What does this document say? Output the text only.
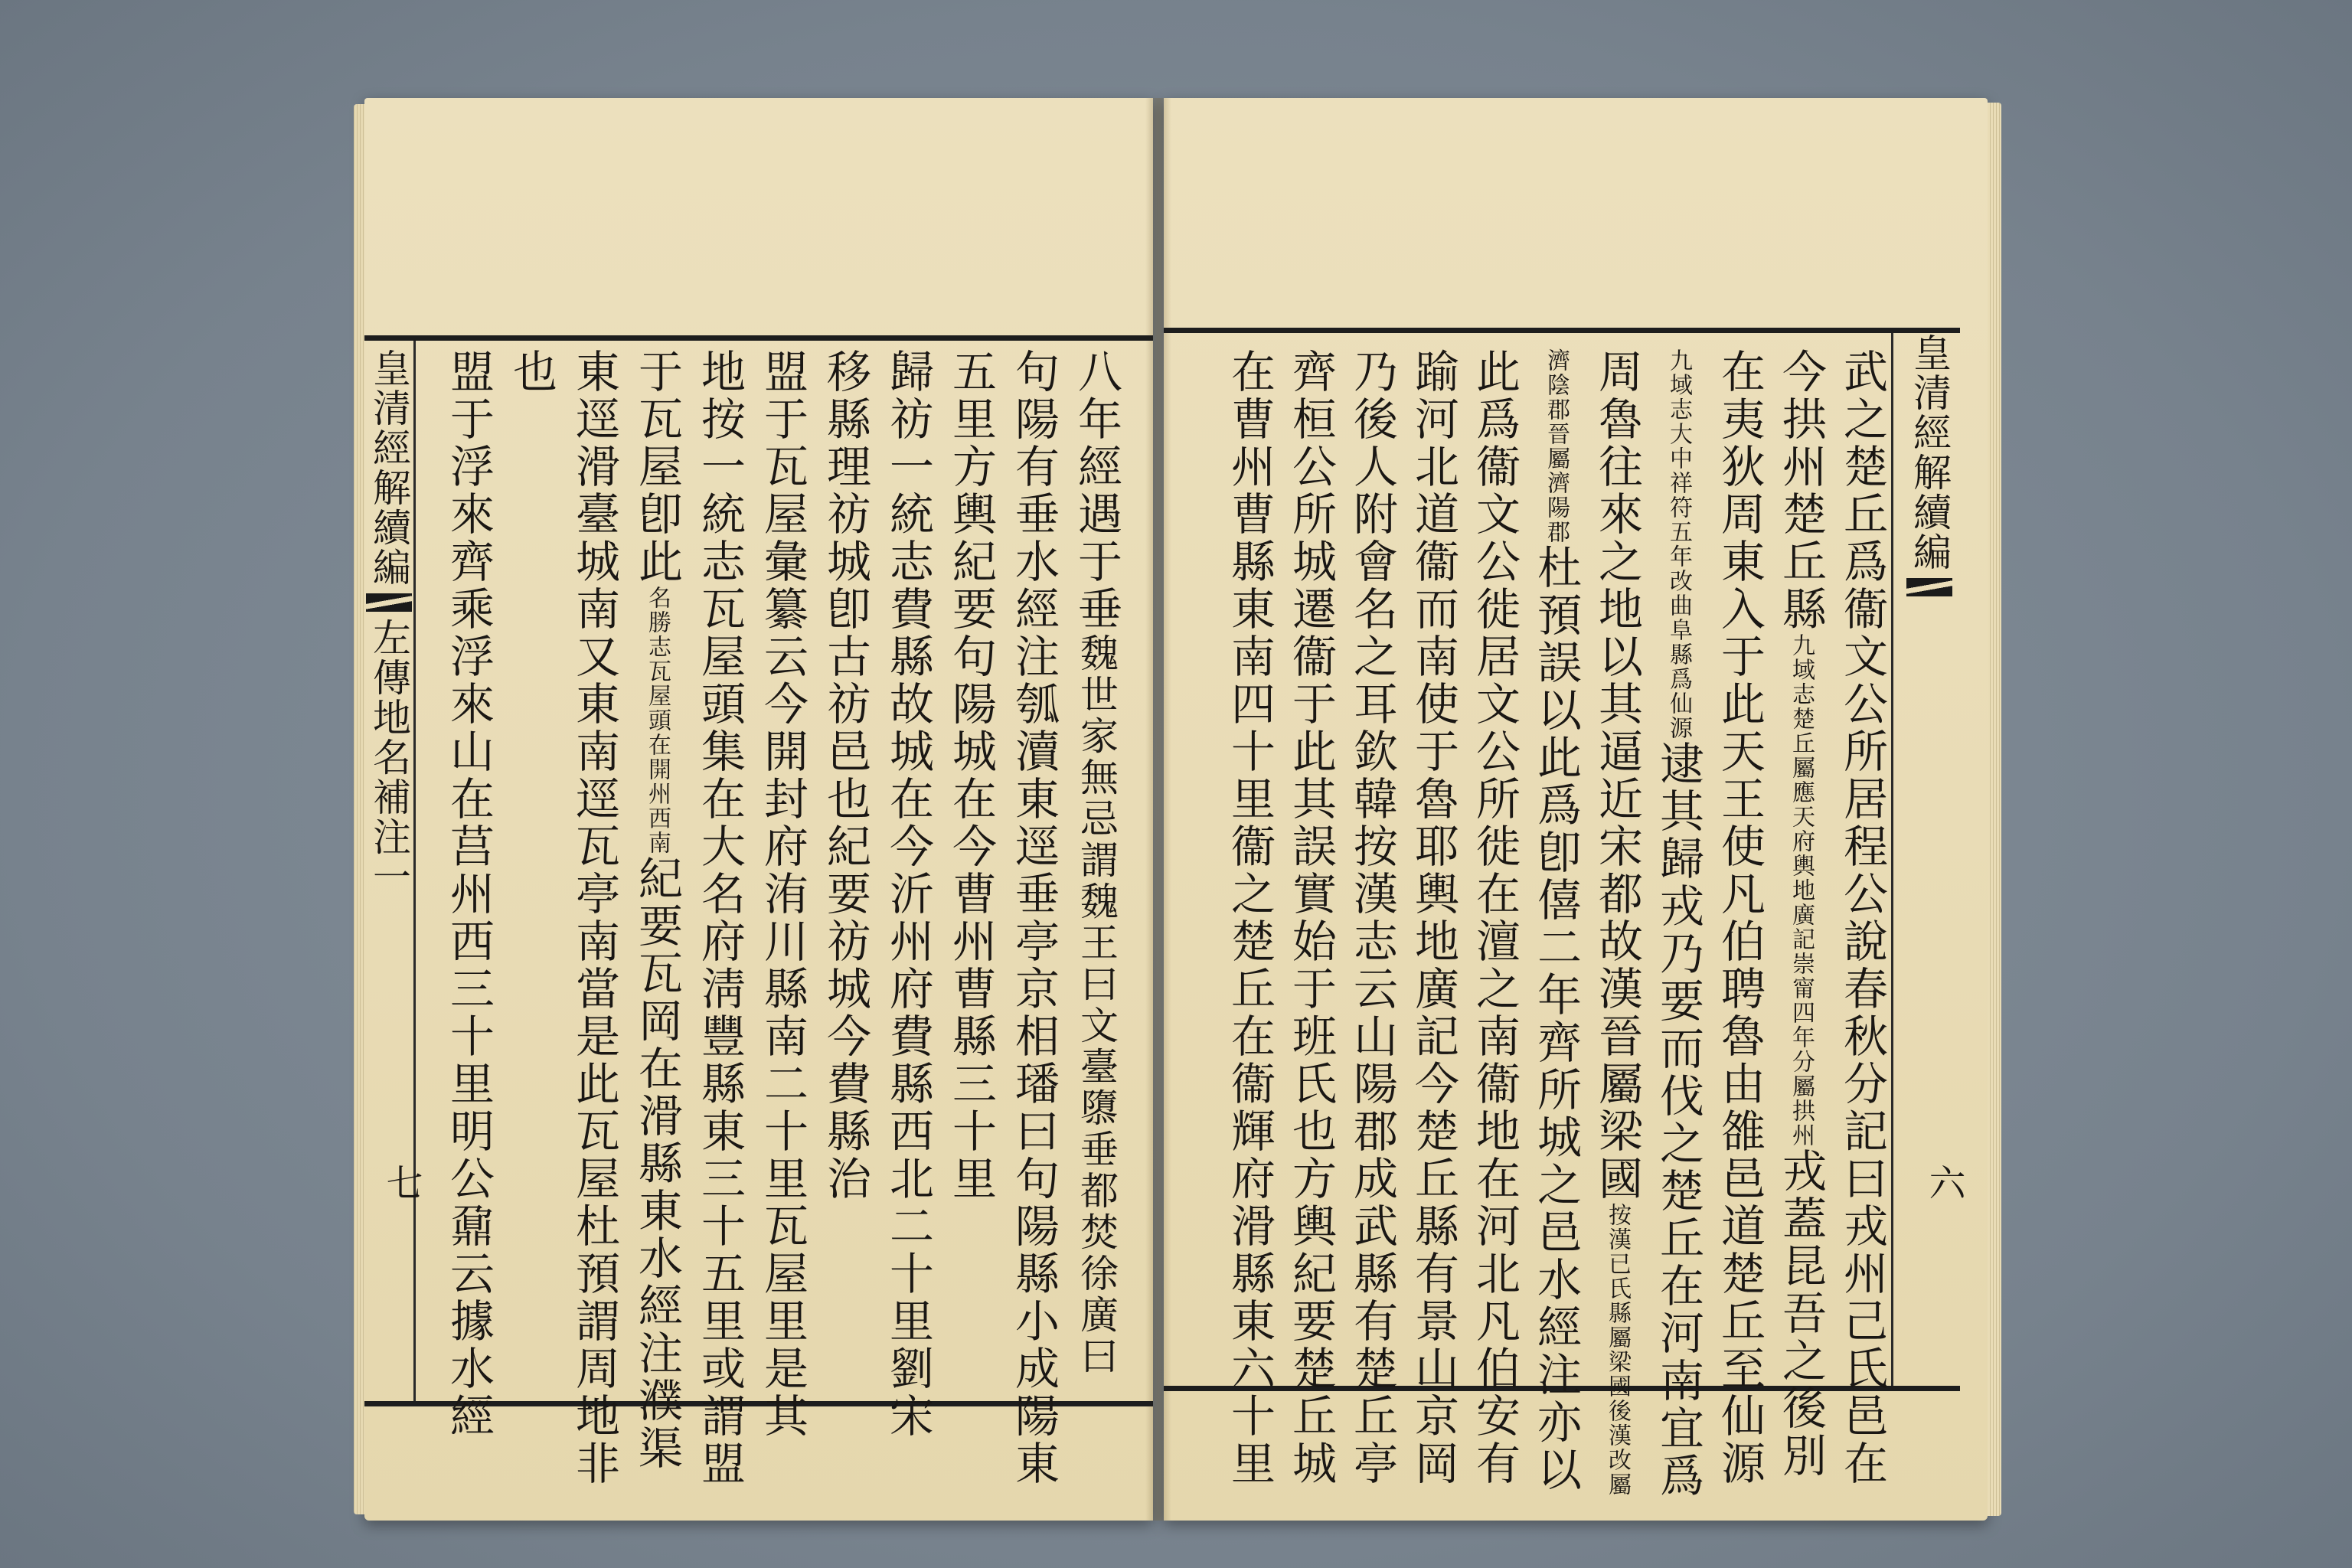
皇清經解續編
左傳地名補注一
七
皇清經解續編
六
八年經遇于垂
魏世家無忌謂魏王曰文臺隳垂都焚徐廣曰
句陽有垂水經注瓠瀆東逕垂亭京相璠曰句陽縣小成陽東
五里方輿紀要句陽城在今曹州曹縣三十里
歸祊一統志費縣故城在今沂州府費縣西北二十里劉宋
移縣理祊城卽古祊邑也紀要祊城今費縣治
盟于瓦屋彙纂云今開封府洧川縣南二十里瓦屋里是其
地按一統志瓦屋頭集在大名府淸豐縣東三十五里或謂盟
于瓦屋卽此
名勝志瓦屋頭在開州西南
紀要瓦岡在滑縣東水經注濮渠
東逕滑臺城南又東南逕瓦亭南當是此瓦屋杜預謂周地非
也
盟于浮來齊乘浮來山在莒州西三十里明公鼐云據水經	武之楚丘爲衞文公所居程公說春秋分記曰戎州己氏邑在
今拱州楚丘縣
九域志楚丘屬應天府輿地廣記崇甯四年分屬拱州
戎蓋昆吾之後別
在夷狄周東入于此天王使凡伯聘魯由雒邑道楚丘至仙源
九域志大中祥符五年改曲阜縣爲仙源
逮其歸戎乃要而伐之楚丘在河南宜爲
周魯往來之地以其逼近宋都故漢晉屬梁國
按漢已氏縣屬梁國後漢改屬
濟陰郡晉屬濟陽郡
杜預誤以此爲卽僖二年齊所城之邑水經注亦以
此爲衞文公徙居文公所徙在澶之南衞地在河北凡伯安有
踰河北道衞而南使于魯耶輿地廣記今楚丘縣有景山京岡
乃後人附會名之耳欽韓按漢志云山陽郡成武縣有楚丘亭
齊桓公所城遷衞于此其誤實始于班氏也方輿紀要楚丘城
在曹州曹縣東南四十里衞之楚丘在衞輝府滑縣東六十里
